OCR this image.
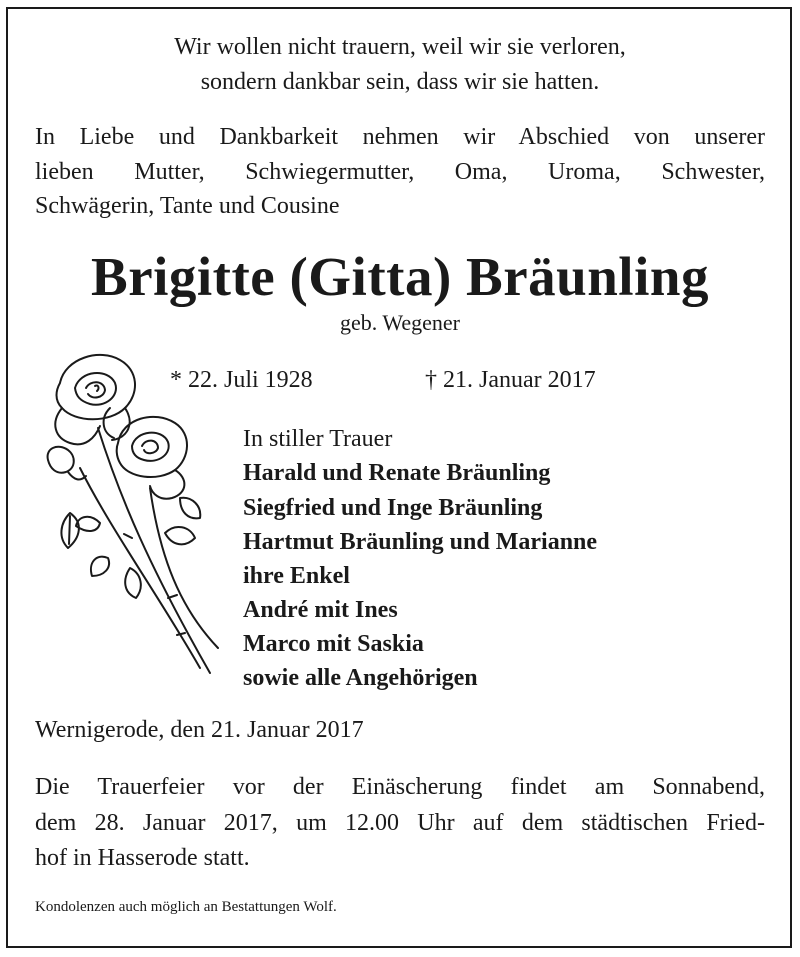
Wir wollen nicht trauern, weil wir sie verloren,
sondern dankbar sein, dass wir sie hatten.
In Liebe und Dankbarkeit nehmen wir Abschied von unserer
lieben Mutter, Schwiegermutter, Oma, Uroma, Schwester,
Schwägerin, Tante und Cousine
Brigitte (Gitta) Bräunling
geb. Wegener
* 22. Juli 1928	† 21. Januar 2017
In stiller Trauer
Harald und Renate Bräunling
Siegfried und Inge Bräunling
Hartmut Bräunling und Marianne
ihre Enkel
André mit Ines
Marco mit Saskia
sowie alle Angehörigen
Wernigerode, den 21. Januar 2017
Die Trauerfeier vor der Einäscherung findet am Sonnabend,
dem 28. Januar 2017, um 12.00 Uhr auf dem städtischen Fried-
hof in Hasserode statt.
Kondolenzen auch möglich an Bestattungen Wolf.
